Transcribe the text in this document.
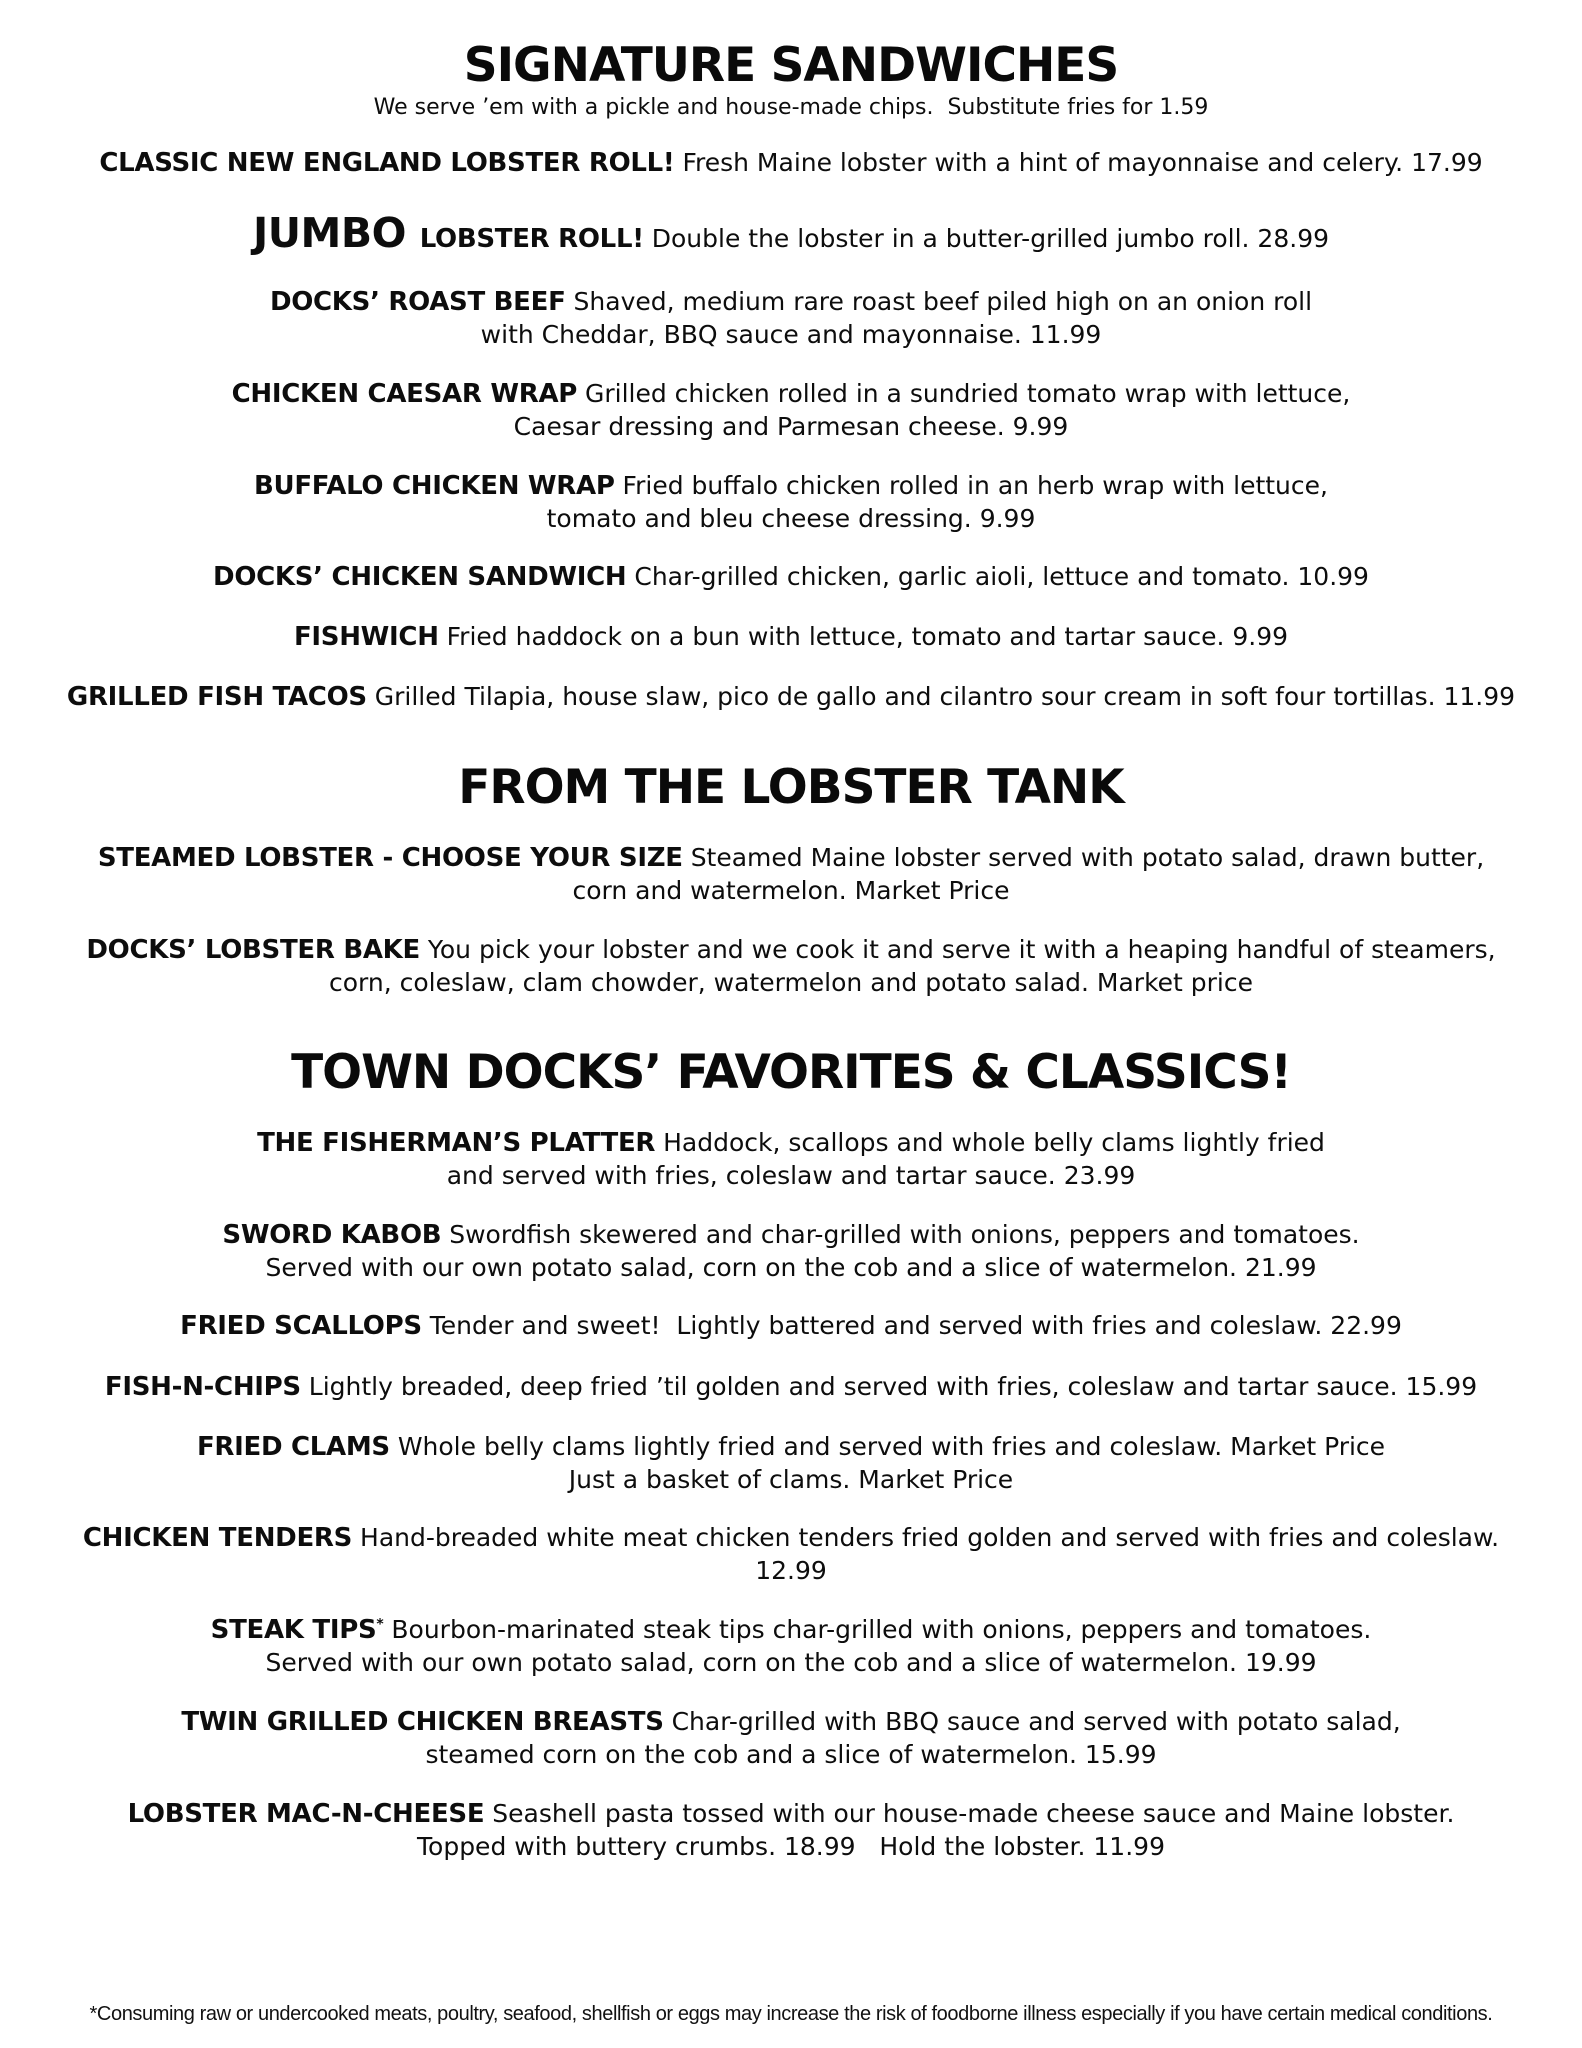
SIGNATURE SANDWICHES
We serve ’em with a pickle and house-made chips.  Substitute fries for 1.59

CLASSIC NEW ENGLAND LOBSTER ROLL! Fresh Maine lobster with a hint of mayonnaise and celery. 17.99

JUMBO LOBSTER ROLL! Double the lobster in a butter-grilled jumbo roll. 28.99

DOCKS’ ROAST BEEF Shaved, medium rare roast beef piled high on an onion roll
with Cheddar, BBQ sauce and mayonnaise. 11.99

CHICKEN CAESAR WRAP Grilled chicken rolled in a sundried tomato wrap with lettuce,
Caesar dressing and Parmesan cheese. 9.99

BUFFALO CHICKEN WRAP Fried buffalo chicken rolled in an herb wrap with lettuce,
tomato and bleu cheese dressing. 9.99

DOCKS’ CHICKEN SANDWICH Char-grilled chicken, garlic aioli, lettuce and tomato. 10.99

FISHWICH Fried haddock on a bun with lettuce, tomato and tartar sauce. 9.99

GRILLED FISH TACOS Grilled Tilapia, house slaw, pico de gallo and cilantro sour cream in soft four tortillas. 11.99

FROM THE LOBSTER TANK

STEAMED LOBSTER - CHOOSE YOUR SIZE Steamed Maine lobster served with potato salad, drawn butter,
corn and watermelon. Market Price

DOCKS’ LOBSTER BAKE You pick your lobster and we cook it and serve it with a heaping handful of steamers,
corn, coleslaw, clam chowder, watermelon and potato salad. Market price

TOWN DOCKS’ FAVORITES & CLASSICS!

THE FISHERMAN’S PLATTER Haddock, scallops and whole belly clams lightly fried
and served with fries, coleslaw and tartar sauce. 23.99

SWORD KABOB Swordfish skewered and char-grilled with onions, peppers and tomatoes.
Served with our own potato salad, corn on the cob and a slice of watermelon. 21.99

FRIED SCALLOPS Tender and sweet!  Lightly battered and served with fries and coleslaw. 22.99

FISH-N-CHIPS Lightly breaded, deep fried ’til golden and served with fries, coleslaw and tartar sauce. 15.99

FRIED CLAMS Whole belly clams lightly fried and served with fries and coleslaw. Market Price
Just a basket of clams. Market Price

CHICKEN TENDERS Hand-breaded white meat chicken tenders fried golden and served with fries and coleslaw. 12.99

STEAK TIPS* Bourbon-marinated steak tips char-grilled with onions, peppers and tomatoes.
Served with our own potato salad, corn on the cob and a slice of watermelon. 19.99

TWIN GRILLED CHICKEN BREASTS Char-grilled with BBQ sauce and served with potato salad,
steamed corn on the cob and a slice of watermelon. 15.99

LOBSTER MAC-N-CHEESE Seashell pasta tossed with our house-made cheese sauce and Maine lobster.
Topped with buttery crumbs. 18.99   Hold the lobster. 11.99

*Consuming raw or undercooked meats, poultry, seafood, shellfish or eggs may increase the risk of foodborne illness especially if you have certain medical conditions.
